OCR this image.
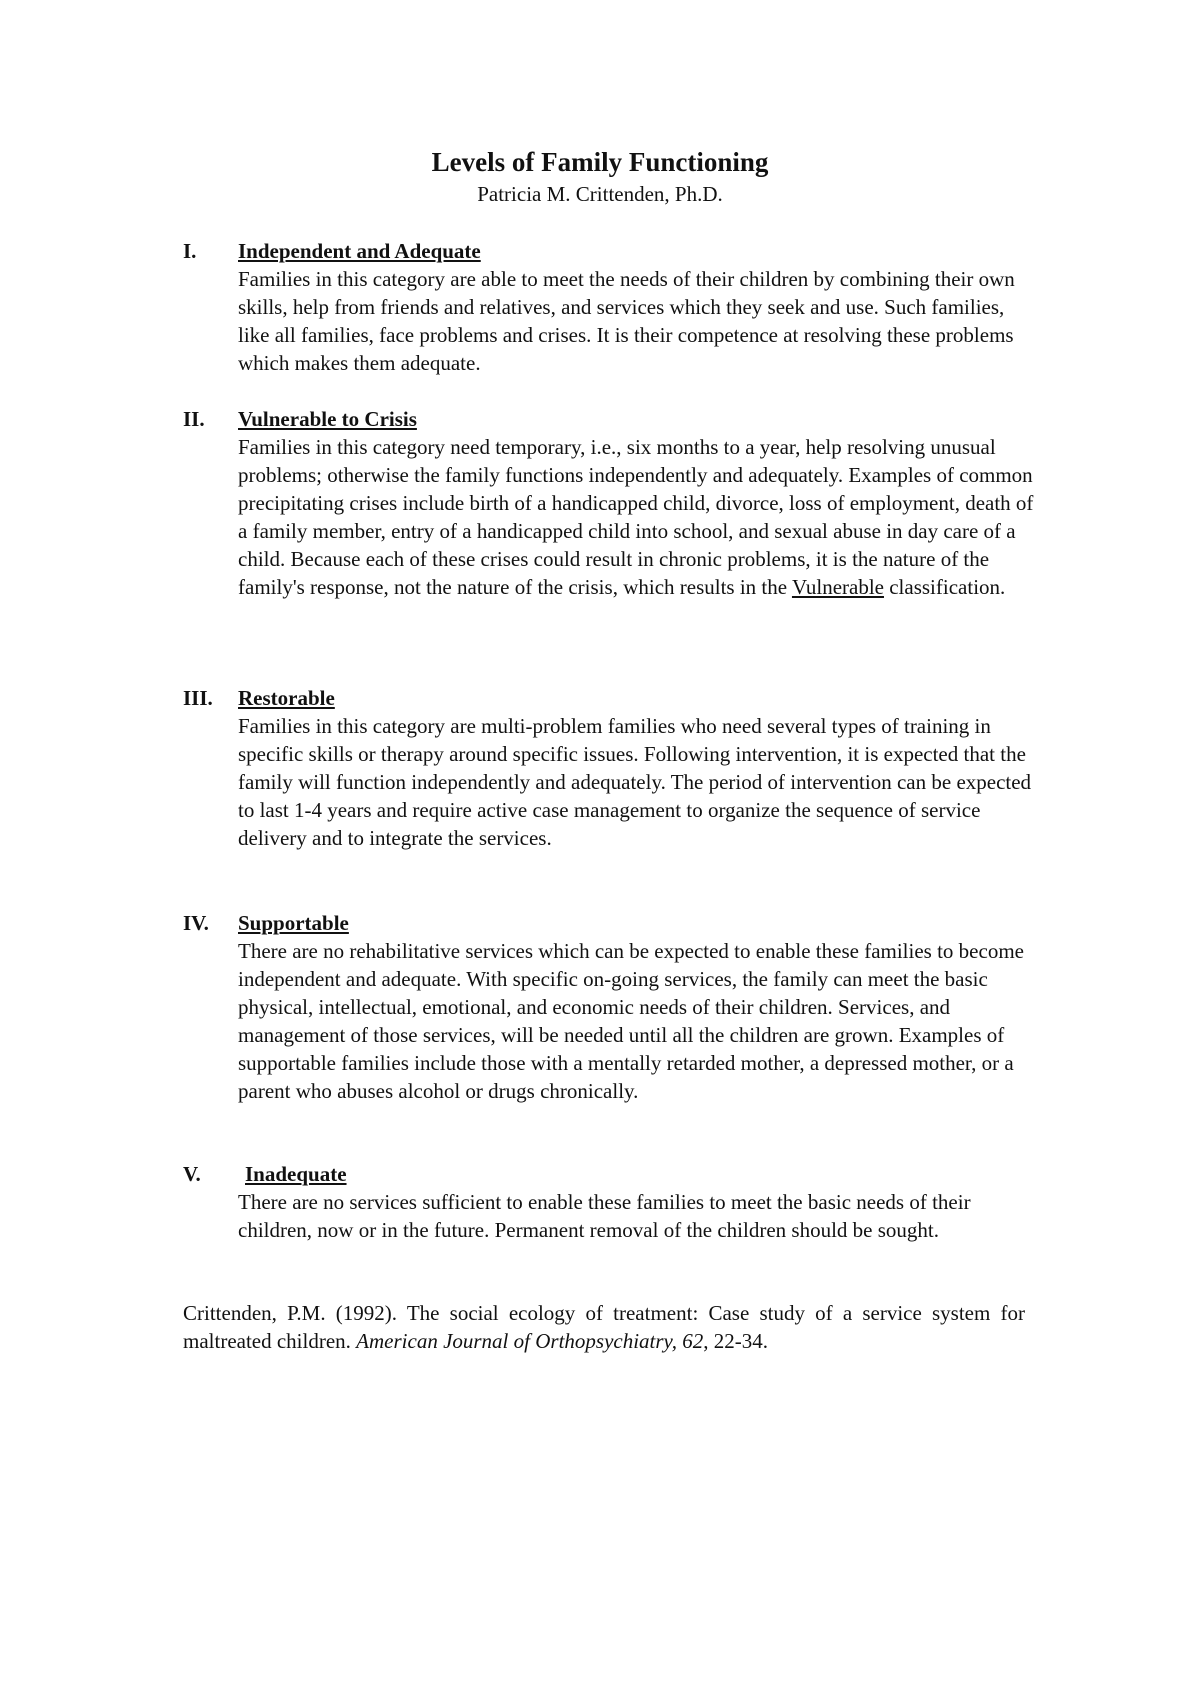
Levels of Family Functioning
Patricia M. Crittenden, Ph.D.
I. Independent and Adequate
Families in this category are able to meet the needs of their children by combining their own skills, help from friends and relatives, and services which they seek and use. Such families, like all families, face problems and crises. It is their competence at resolving these problems which makes them adequate.
II. Vulnerable to Crisis
Families in this category need temporary, i.e., six months to a year, help resolving unusual problems; otherwise the family functions independently and adequately. Examples of common precipitating crises include birth of a handicapped child, divorce, loss of employment, death of a family member, entry of a handicapped child into school, and sexual abuse in day care of a child. Because each of these crises could result in chronic problems, it is the nature of the family's response, not the nature of the crisis, which results in the Vulnerable classification.
III. Restorable
Families in this category are multi-problem families who need several types of training in specific skills or therapy around specific issues. Following intervention, it is expected that the family will function independently and adequately. The period of intervention can be expected to last 1-4 years and require active case management to organize the sequence of service delivery and to integrate the services.
IV. Supportable
There are no rehabilitative services which can be expected to enable these families to become independent and adequate. With specific on-going services, the family can meet the basic physical, intellectual, emotional, and economic needs of their children. Services, and management of those services, will be needed until all the children are grown. Examples of supportable families include those with a mentally retarded mother, a depressed mother, or a parent who abuses alcohol or drugs chronically.
V. Inadequate
There are no services sufficient to enable these families to meet the basic needs of their children, now or in the future. Permanent removal of the children should be sought.
Crittenden, P.M. (1992). The social ecology of treatment: Case study of a service system for maltreated children. American Journal of Orthopsychiatry, 62, 22-34.
